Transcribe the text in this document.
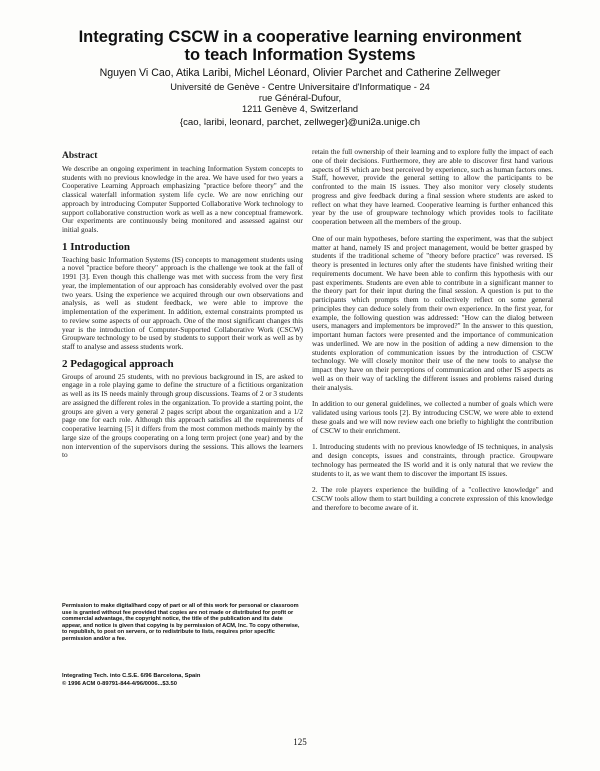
Integrating CSCW in a cooperative learning environment
to teach Information Systems
Nguyen Vi Cao, Atika Laribi, Michel Léonard, Olivier Parchet and Catherine Zellweger
Université de Genève - Centre Universitaire d'Informatique - 24
rue Général-Dufour,
1211 Genève 4, Switzerland
{cao, laribi, leonard, parchet, zellweger}@uni2a.unige.ch
Abstract

We describe an ongoing experiment in teaching Information System concepts to students with no previous knowledge in the area. We have used for two years a Cooperative Learning Approach emphasizing "practice before theory" and the classical waterfall information system life cycle. We are now enriching our approach by introducing Computer Supported Collaborative Work technology to support collaborative construction work as well as a new conceptual framework. Our experiments are continuously being monitored and assessed against our initial goals.

1 Introduction

Teaching basic Information Systems (IS) concepts to management students using a novel "practice before theory" approach is the challenge we took at the fall of 1991 [3]. Even though this challenge was met with success from the very first year, the implementation of our approach has considerably evolved over the past two years. Using the experience we acquired through our own observations and analysis, as well as student feedback, we were able to improve the implementation of the experiment. In addition, external constraints prompted us to review some aspects of our approach. One of the most significant changes this year is the introduction of Computer-Supported Collaborative Work (CSCW) Groupware technology to be used by students to support their work as well as by staff to analyse and assess students work.

2 Pedagogical approach

Groups of around 25 students, with no previous background in IS, are asked to engage in a role playing game to define the structure of a fictitious organization as well as its IS needs mainly through group discussions. Teams of 2 or 3 students are assigned the different roles in the organization. To provide a starting point, the groups are given a very general 2 pages script about the organization and a 1/2 page one for each role. Although this approach satisfies all the requirements of cooperative learning [5] it differs from the most common methods mainly by the large size of the groups cooperating on a long term project (one year) and by the non intervention of the supervisors during the sessions. This allows the learners to

Permission to make digital/hard copy of part or all of this work for personal or classroom use is granted without fee provided that copies are not made or distributed for profit or commercial advantage, the copyright notice, the title of the publication and its date appear, and notice is given that copying is by permission of ACM, Inc. To copy otherwise, to republish, to post on servers, or to redistribute to lists, requires prior specific permission and/or a fee.

Integrating Tech. into C.S.E. 6/96 Barcelona, Spain

© 1996 ACM 0-89791-844-4/96/0006...$3.50

retain the full ownership of their learning and to explore fully the impact of each one of their decisions. Furthermore, they are able to discover first hand various aspects of IS which are best perceived by experience, such as human factors ones. Staff, however, provide the general setting to allow the participants to be confronted to the main IS issues. They also monitor very closely students progress and give feedback during a final session where students are asked to reflect on what they have learned. Cooperative learning is further enhanced this year by the use of groupware technology which provides tools to facilitate cooperation between all the members of the group.

One of our main hypotheses, before starting the experiment, was that the subject matter at hand, namely IS and project management, would be better grasped by students if the traditional scheme of "theory before practice" was reversed. IS theory is presented in lectures only after the students have finished writing their requirements document. We have been able to confirm this hypothesis with our past experiments. Students are even able to contribute in a significant manner to the theory part for their input during the final session. A question is put to the participants which prompts them to collectively reflect on some general principles they can deduce solely from their own experience. In the first year, for example, the following question was addressed: "How can the dialog between users, managers and implementors be improved?" In the answer to this question, important human factors were presented and the importance of communication was underlined. We are now in the position of adding a new dimension to the students exploration of communication issues by the introduction of CSCW technology. We will closely monitor their use of the new tools to analyse the impact they have on their perceptions of communication and other IS aspects as well as on their way of tackling the different issues and problems raised during their analysis.

In addition to our general guidelines, we collected a number of goals which were validated using various tools [2]. By introducing CSCW, we were able to extend these goals and we will now review each one briefly to highlight the contribution of CSCW to their enrichment.

1. Introducing students with no previous knowledge of IS techniques, in analysis and design concepts, issues and constraints, through practice. Groupware technology has permeated the IS world and it is only natural that we review the students to it, as we want them to discover the important IS issues.

2. The role players experience the building of a "collective knowledge" and CSCW tools allow them to start building a concrete expression of this knowledge and therefore to become aware of it.

125
